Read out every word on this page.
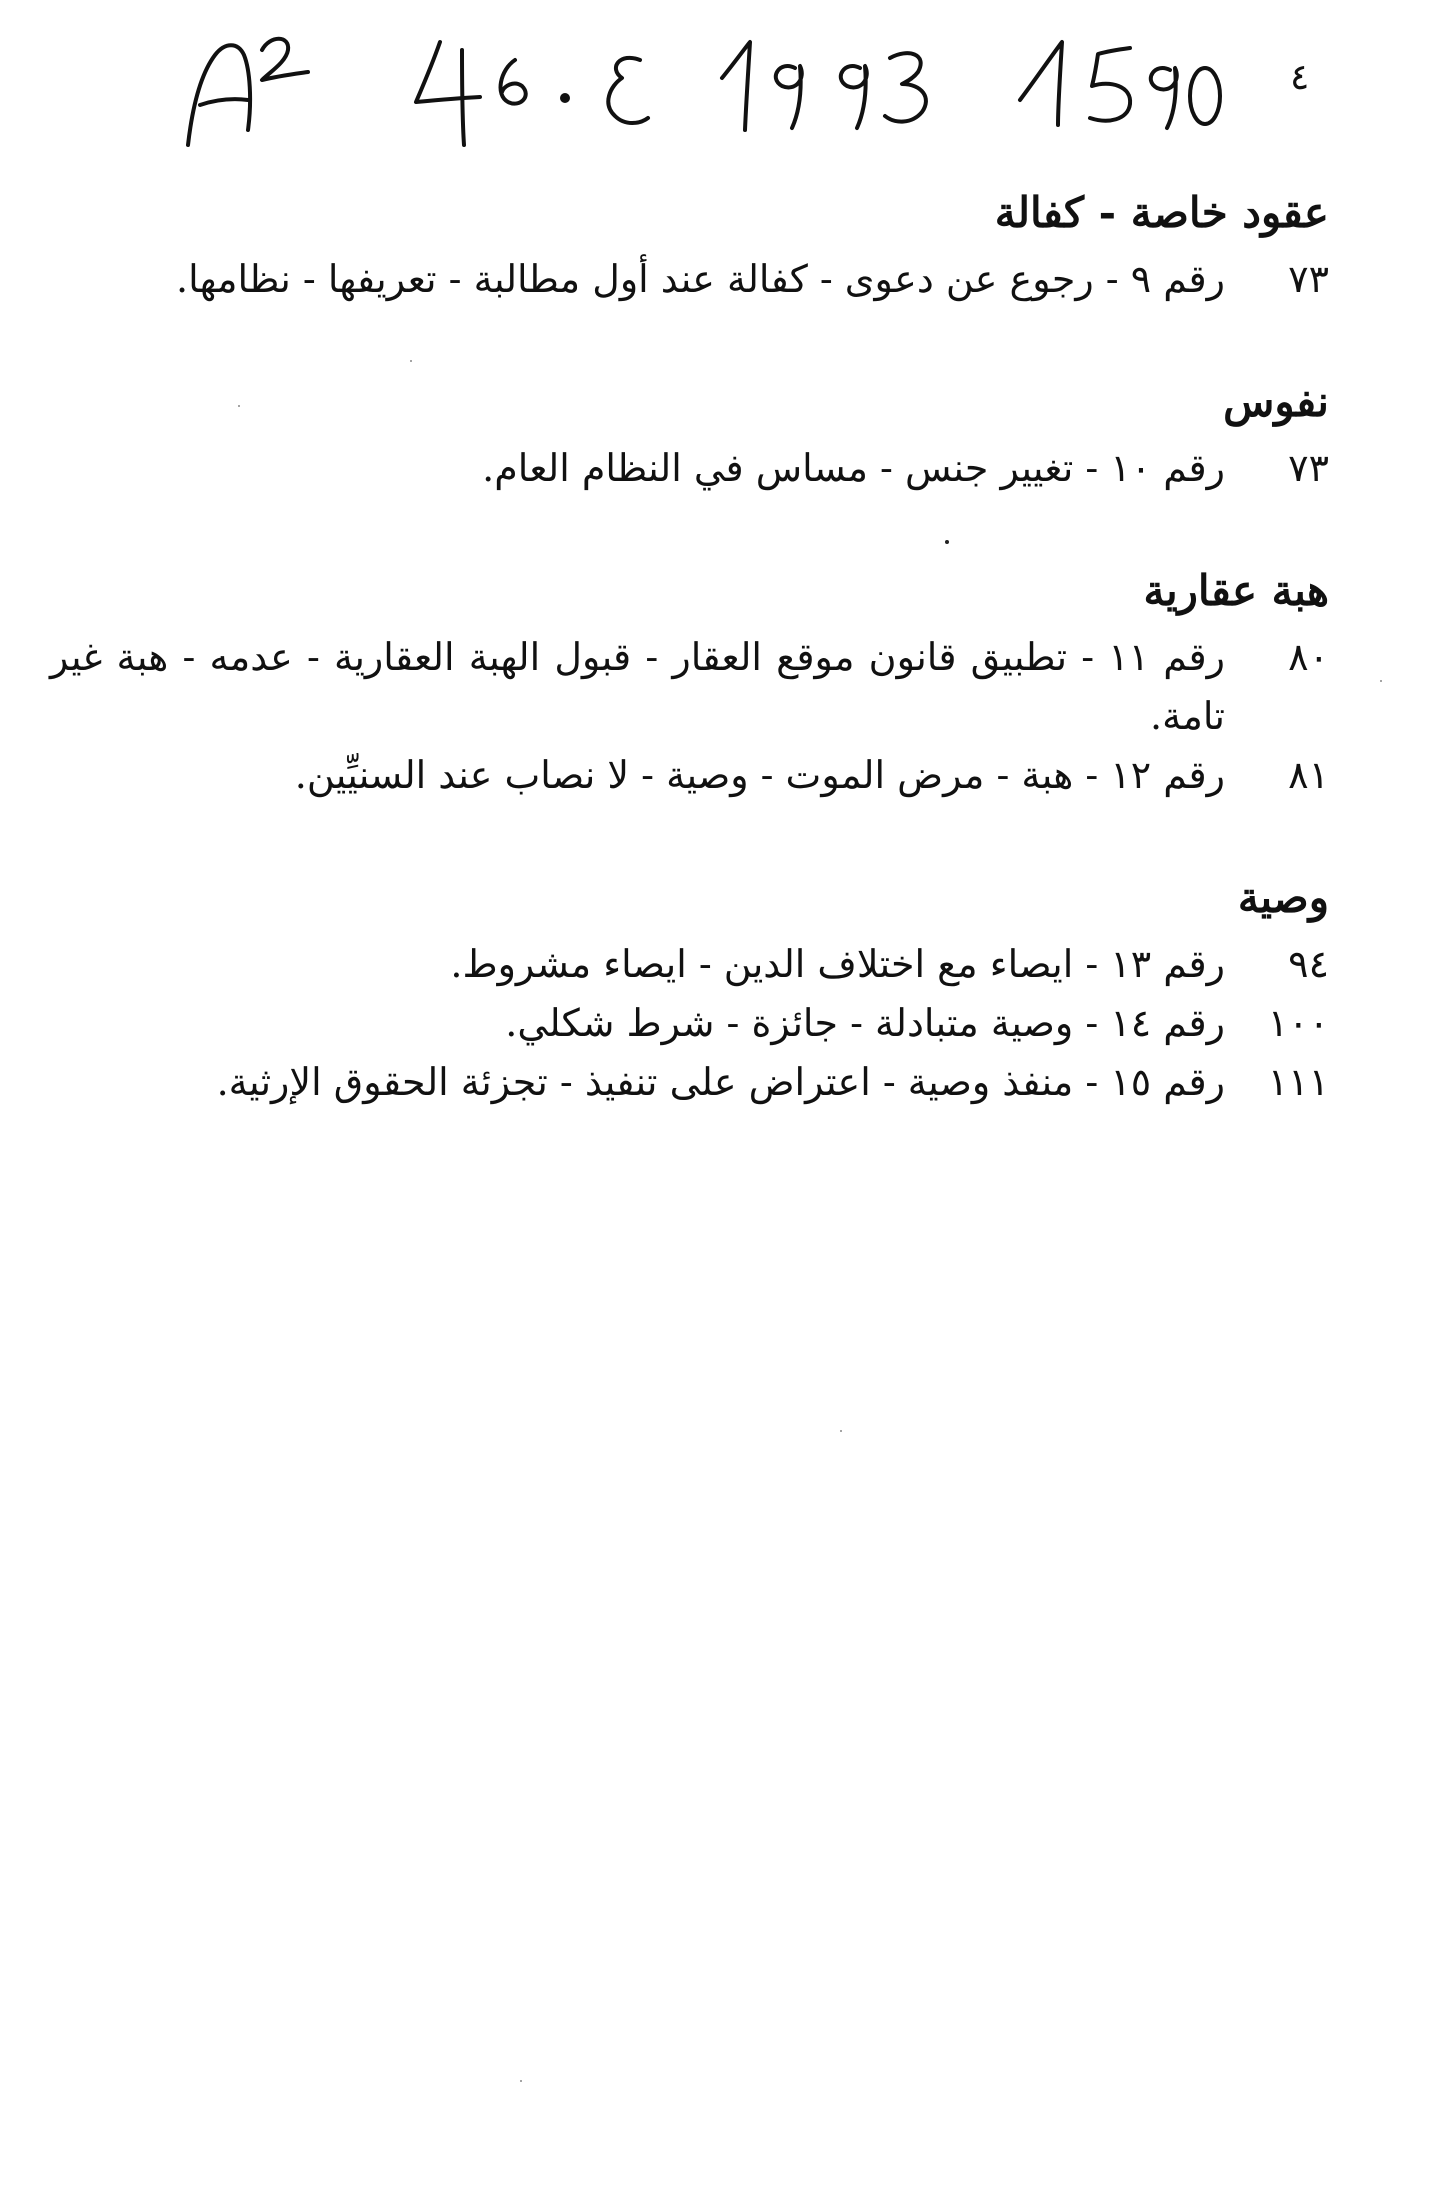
٤
عقود خاصة - كفالة
٧٣
رقم ٩ - رجوع عن دعوى - كفالة عند أول مطالبة - تعريفها - نظامها.
نفوس
٧٣
رقم ١٠ - تغيير جنس - مساس في النظام العام.
هبة عقارية
٨٠
رقم ١١ - تطبيق قانون موقع العقار - قبول الهبة العقارية - عدمه - هبة غير تامة.
٨١
رقم ١٢ - هبة - مرض الموت - وصية - لا نصاب عند السنيِّين.
وصية
٩٤
رقم ١٣ - ايصاء مع اختلاف الدين - ايصاء مشروط.
١٠٠
رقم ١٤ - وصية متبادلة - جائزة - شرط شكلي.
١١١
رقم ١٥ - منفذ وصية - اعتراض على تنفيذ - تجزئة الحقوق الإرثية.
